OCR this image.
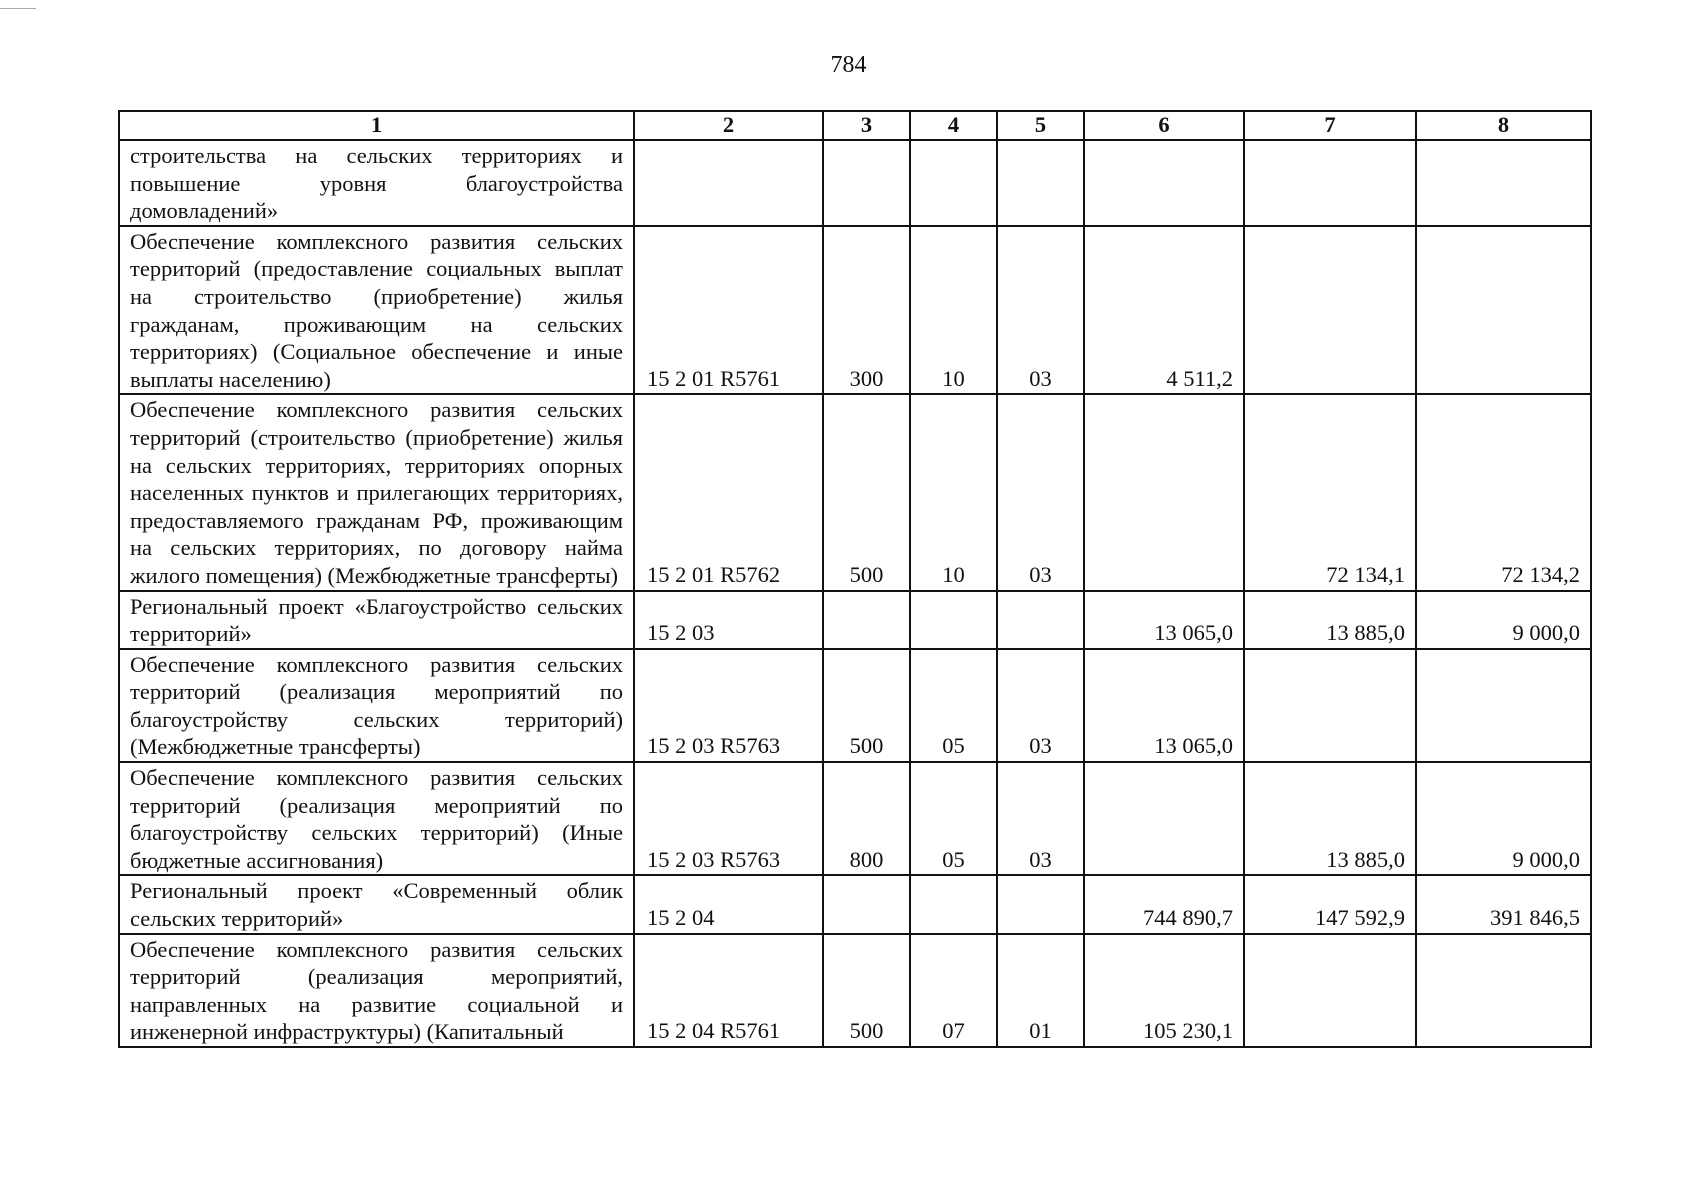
784
1	2	3	4	5	6	7	8
строительства на сельских территориях и повышение уровня благоустройства домовладений»							
Обеспечение комплексного развития сельских территорий (предоставление социальных выплат на строительство (приобретение) жилья гражданам, проживающим на сельских территориях) (Социальное обеспечение и иные выплаты населению)	15 2 01 R5761	300	10	03	4 511,2		
Обеспечение комплексного развития сельских территорий (строительство (приобретение) жилья на сельских территориях, территориях опорных населенных пунктов и прилегающих территориях, предоставляемого гражданам РФ, проживающим на сельских территориях, по договору найма жилого помещения) (Межбюджетные трансферты)	15 2 01 R5762	500	10	03		72 134,1	72 134,2
Региональный проект «Благоустройство сельских территорий»	15 2 03				13 065,0	13 885,0	9 000,0
Обеспечение комплексного развития сельских территорий (реализация мероприятий по благоустройству сельских территорий) (Межбюджетные трансферты)	15 2 03 R5763	500	05	03	13 065,0		
Обеспечение комплексного развития сельских территорий (реализация мероприятий по благоустройству сельских территорий) (Иные бюджетные ассигнования)	15 2 03 R5763	800	05	03		13 885,0	9 000,0
Региональный проект «Современный облик сельских территорий»	15 2 04				744 890,7	147 592,9	391 846,5
Обеспечение комплексного развития сельских территорий (реализация мероприятий, направленных на развитие социальной и инженерной инфраструктуры) (Капитальный	15 2 04 R5761	500	07	01	105 230,1		
